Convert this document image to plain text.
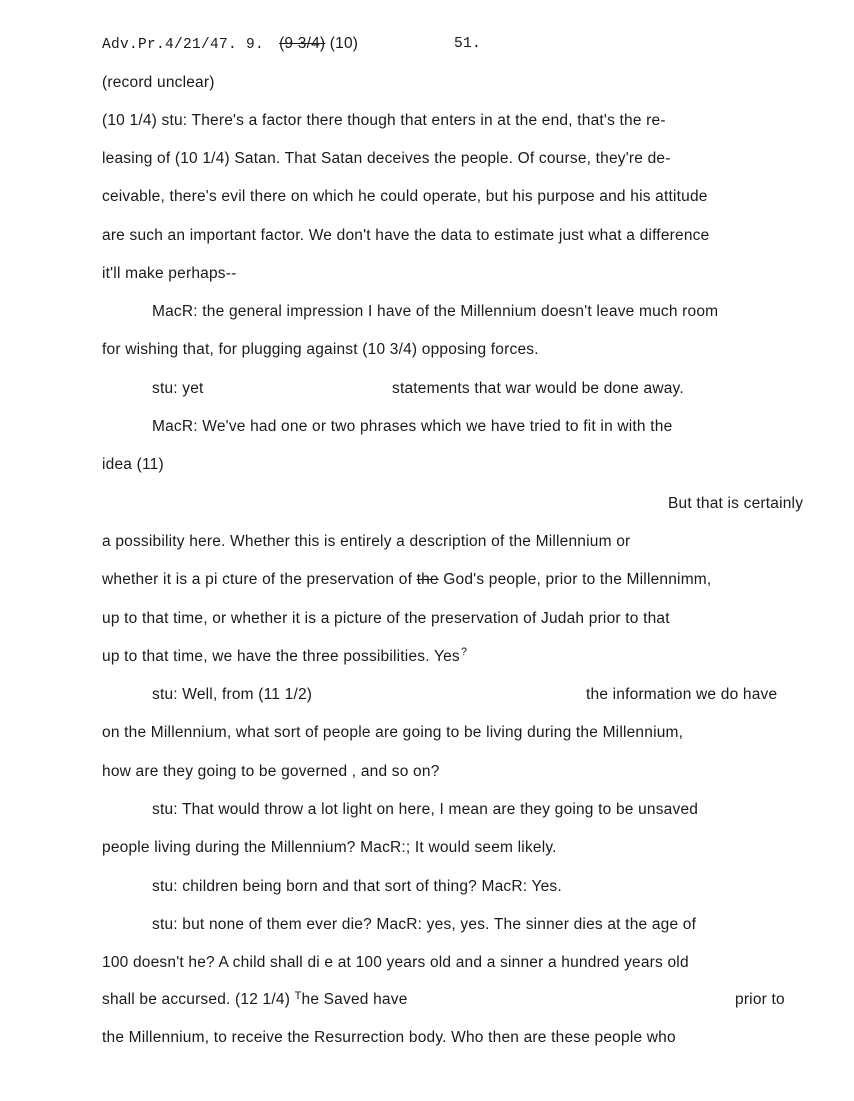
Adv.Pr.4/21/47. 9. (9 3/4) (10)	51.
(record unclear)
(10 1/4) stu: There's a factor there though that enters in at the end, that's the re-
leasing of (10 1/4) Satan. That Satan deceives the people. Of course, they're de-
ceivable, there's evil there on which he could operate, but his purpose and his attitude
are such an important factor. We don't have the data to estimate just what a difference
it'll make perhaps--
MacR: the general impression I have of the Millennium doesn't leave much room
for wishing that, for plugging against (10 3/4) opposing forces.
stu: yet	statements that war would be done away.
MacR: We've had one or two phrases which we have tried to fit in with the
idea (11)
But that is certainly
a possibility here. Whether this is entirely a description of the Millennium or
whether it is a pi cture of the preservation of the God's people, prior to the Millennimm,
up to that time, or whether it is a picture of the preservation of Judah prior to that
up to that time, we have the three possibilities. Yes?
stu: Well, from (11 1/2)	the information we do have
on the Millennium, what sort of people are going to be living during the Millennium,
how are they going to be governed , and so on?
stu: That would throw a lot light on here, I mean are they going to be unsaved
people living during the Millennium? MacR:; It would seem likely.
stu: children being born and that sort of thing? MacR: Yes.
stu: but none of them ever die? MacR: yes, yes. The sinner dies at the age of
100 doesn't he? A child shall di e at 100 years old and a sinner a hundred years old
shall be accursed. (12 1/4) $^T$he Saved have	prior to
the Millennium, to receive the Resurrection body. Who then are these people who
